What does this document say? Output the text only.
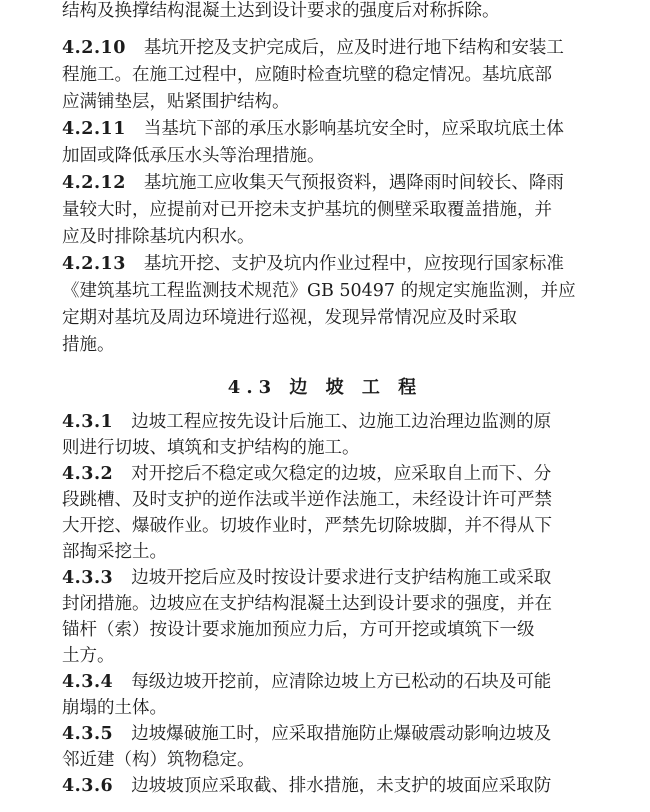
结构及换撑结构混凝土达到设计要求的强度后对称拆除。
4.2.10 基坑开挖及支护完成后，应及时进行地下结构和安装工
程施工。在施工过程中，应随时检查坑壁的稳定情况。基坑底部
应满铺垫层，贴紧围护结构。
4.2.11 当基坑下部的承压水影响基坑安全时，应采取坑底土体
加固或降低承压水头等治理措施。
4.2.12 基坑施工应收集天气预报资料，遇降雨时间较长、降雨
量较大时，应提前对已开挖未支护基坑的侧壁采取覆盖措施，并
应及时排除基坑内积水。
4.2.13 基坑开挖、支护及坑内作业过程中，应按现行国家标准
《建筑基坑工程监测技术规范》GB 50497 的规定实施监测，并应
定期对基坑及周边环境进行巡视，发现异常情况应及时采取
措施。
4.3 边 坡 工 程
4.3.1 边坡工程应按先设计后施工、边施工边治理边监测的原
则进行切坡、填筑和支护结构的施工。
4.3.2 对开挖后不稳定或欠稳定的边坡，应采取自上而下、分
段跳槽、及时支护的逆作法或半逆作法施工，未经设计许可严禁
大开挖、爆破作业。切坡作业时，严禁先切除坡脚，并不得从下
部掏采挖土。
4.3.3 边坡开挖后应及时按设计要求进行支护结构施工或采取
封闭措施。边坡应在支护结构混凝土达到设计要求的强度，并在
锚杆（索）按设计要求施加预应力后，方可开挖或填筑下一级
土方。
4.3.4 每级边坡开挖前，应清除边坡上方已松动的石块及可能
崩塌的土体。
4.3.5 边坡爆破施工时，应采取措施防止爆破震动影响边坡及
邻近建（构）筑物稳定。
4.3.6 边坡坡顶应采取截、排水措施，未支护的坡面应采取防
